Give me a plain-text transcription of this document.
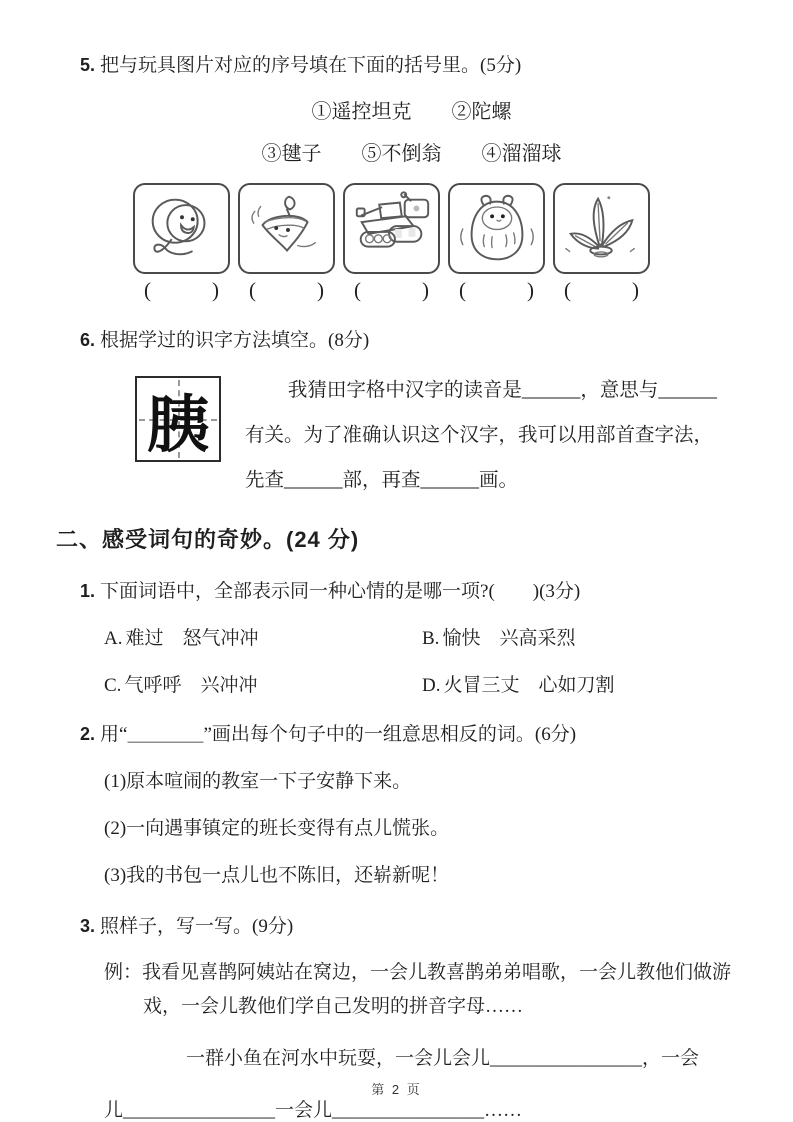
5. 把与玩具图片对应的序号填在下面的括号里。(5分)
①遥控坦克　　②陀螺
③毽子　　⑤不倒翁　　④溜溜球
(	) (	) (	) (	) (	)
6. 根据学过的识字方法填空。(8分)
胰
我猜田字格中汉字的读音是______，意思与______
有关。为了准确认识这个汉字，我可以用部首查字法，
先查______部，再查______画。
二、感受词句的奇妙。(24 分)
1. 下面词语中，全部表示同一种心情的是哪一项?(　　)(3分)
A. 难过　怒气冲冲	B. 愉快　兴高采烈
C. 气呼呼　兴冲冲	D. 火冒三丈　心如刀割
2. 用“＿＿＿＿”画出每个句子中的一组意思相反的词。(6分)
(1)原本喧闹的教室一下子安静下来。
(2)一向遇事镇定的班长变得有点儿慌张。
(3)我的书包一点儿也不陈旧，还崭新呢！
3. 照样子，写一写。(9分)
例：我看见喜鹊阿姨站在窝边，一会儿教喜鹊弟弟唱歌，一会儿教他们做游戏，一会儿教他们学自己发明的拼音字母……
一群小鱼在河水中玩耍，一会儿会儿________________，一会
儿________________一会儿________________……
第 2 页
